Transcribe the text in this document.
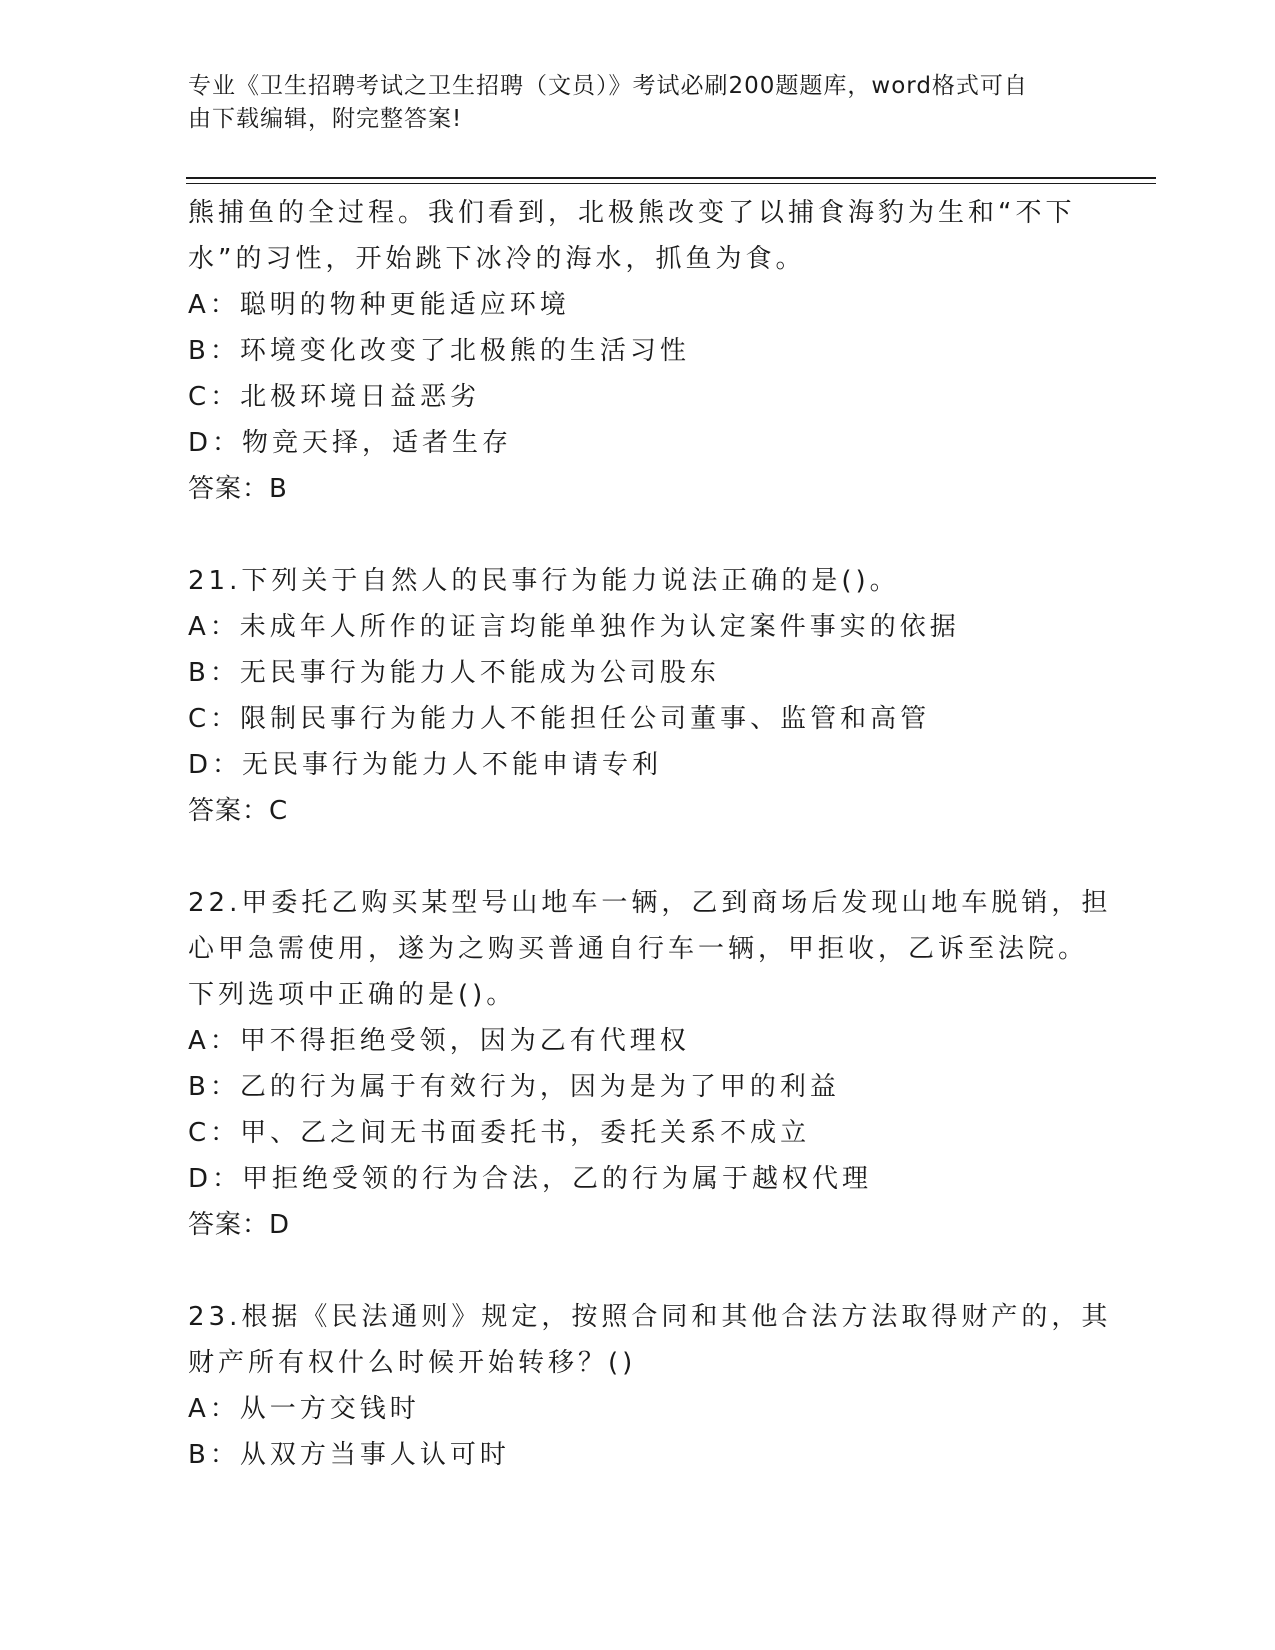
专业《卫生招聘考试之卫生招聘（文员）》考试必刷200题题库，word格式可自
由下载编辑，附完整答案!
熊捕鱼的全过程。我们看到，北极熊改变了以捕食海豹为生和“不下
水”的习性，开始跳下冰冷的海水，抓鱼为食。
A：聪明的物种更能适应环境
B：环境变化改变了北极熊的生活习性
C：北极环境日益恶劣
D：物竞天择，适者生存
答案：B
21.下列关于自然人的民事行为能力说法正确的是()。
A：未成年人所作的证言均能单独作为认定案件事实的依据
B：无民事行为能力人不能成为公司股东
C：限制民事行为能力人不能担任公司董事、监管和高管
D：无民事行为能力人不能申请专利
答案：C
22.甲委托乙购买某型号山地车一辆，乙到商场后发现山地车脱销，担
心甲急需使用，遂为之购买普通自行车一辆，甲拒收，乙诉至法院。
下列选项中正确的是()。
A：甲不得拒绝受领，因为乙有代理权
B：乙的行为属于有效行为，因为是为了甲的利益
C：甲、乙之间无书面委托书，委托关系不成立
D：甲拒绝受领的行为合法，乙的行为属于越权代理
答案：D
23.根据《民法通则》规定，按照合同和其他合法方法取得财产的，其
财产所有权什么时候开始转移？()
A：从一方交钱时
B：从双方当事人认可时
